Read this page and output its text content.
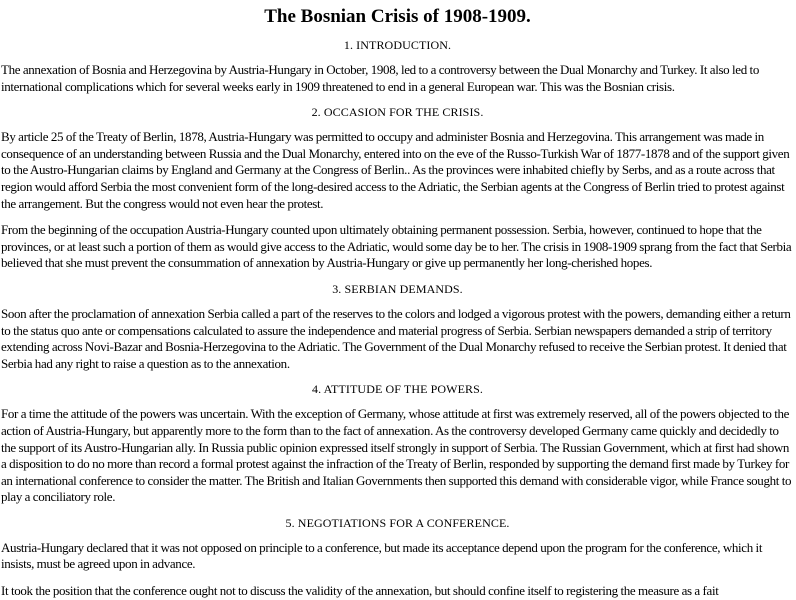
The Bosnian Crisis of 1908-1909.
1. INTRODUCTION.

The annexation of Bosnia and Herzegovina by Austria-Hungary in October, 1908, led to a controversy between the Dual Monarchy and Turkey. It also led to international complications which for several weeks early in 1909 threatened to end in a general European war. This was the Bosnian crisis.

2. OCCASION FOR THE CRISIS.

By article 25 of the Treaty of Berlin, 1878, Austria-Hungary was permitted to occupy and administer Bosnia and Herzegovina. This arrangement was made in consequence of an understanding between Russia and the Dual Monarchy, entered into on the eve of the Russo-Turkish War of 1877-1878 and of the support given to the Austro-Hungarian claims by England and Germany at the Congress of Berlin.. As the provinces were inhabited chiefly by Serbs, and as a route across that region would afford Serbia the most convenient form of the long-desired access to the Adriatic, the Serbian agents at the Congress of Berlin tried to protest against the arrangement. But the congress would not even hear the protest.

From the beginning of the occupation Austria-Hungary counted upon ultimately obtaining permanent possession. Serbia, however, continued to hope that the provinces, or at least such a portion of them as would give access to the Adriatic, would some day be to her. The crisis in 1908-1909 sprang from the fact that Serbia believed that she must prevent the consummation of annexation by Austria-Hungary or give up permanently her long-cherished hopes.

3. SERBIAN DEMANDS.

Soon after the proclamation of annexation Serbia called a part of the reserves to the colors and lodged a vigorous protest with the powers, demanding either a return to the status quo ante or compensations calculated to assure the independence and material progress of Serbia. Serbian newspapers demanded a strip of territory extending across Novi-Bazar and Bosnia-Herzegovina to the Adriatic. The Government of the Dual Monarchy refused to receive the Serbian protest. It denied that Serbia had any right to raise a question as to the annexation.

4. ATTITUDE OF THE POWERS.

For a time the attitude of the powers was uncertain. With the exception of Germany, whose attitude at first was extremely reserved, all of the powers objected to the action of Austria-Hungary, but apparently more to the form than to the fact of annexation. As the controversy developed Germany came quickly and decidedly to the support of its Austro-Hungarian ally. In Russia public opinion expressed itself strongly in support of Serbia. The Russian Government, which at first had shown a disposition to do no more than record a formal protest against the infraction of the Treaty of Berlin, responded by supporting the demand first made by Turkey for an international conference to consider the matter. The British and Italian Governments then supported this demand with considerable vigor, while France sought to play a conciliatory role.

5. NEGOTIATIONS FOR A CONFERENCE.

Austria-Hungary declared that it was not opposed on principle to a conference, but made its acceptance depend upon the program for the conference, which it insists, must be agreed upon in advance.

It took the position that the conference ought not to discuss the validity of the annexation, but should confine itself to registering the measure as a fait
